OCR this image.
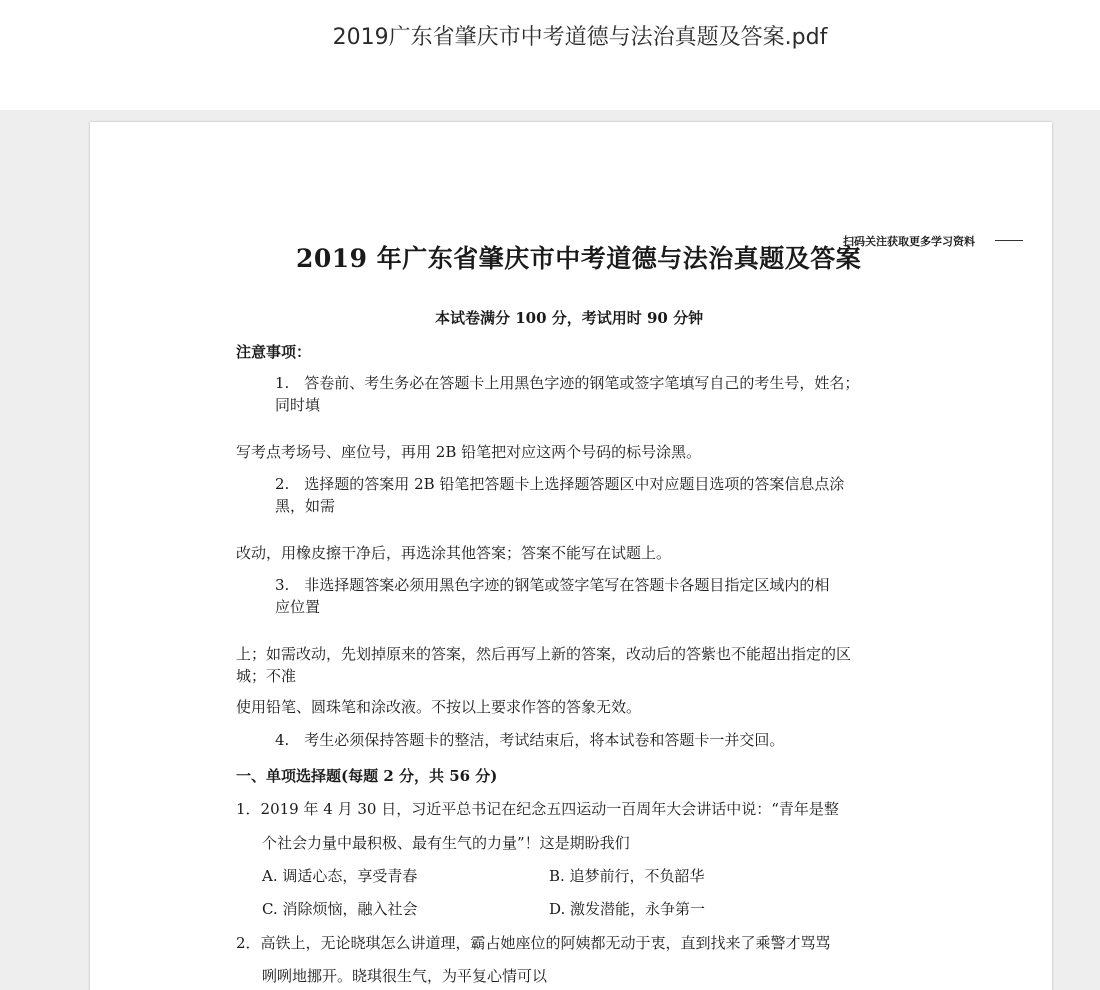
2019广东省肇庆市中考道德与法治真题及答案.pdf
扫码关注获取更多学习资料
2019 年广东省肇庆市中考道德与法治真题及答案
本试卷满分 100 分，考试用时 90 分钟
注意事项：
1.　答卷前、考生务必在答题卡上用黑色字迹的钢笔或签字笔填写自己的考生号，姓名；
同时填
写考点考场号、座位号，再用 2B 铅笔把对应这两个号码的标号涂黑。
2.　选择题的答案用 2B 铅笔把答题卡上选择题答题区中对应题目选项的答案信息点涂
黑，如需
改动，用橡皮擦干净后，再选涂其他答案；答案不能写在试题上。
3.　非选择题答案必须用黑色字迹的钢笔或签字笔写在答题卡各题目指定区域内的相
应位置
上；如需改动，先划掉原来的答案，然后再写上新的答案，改动后的答紫也不能超出指定的区
城；不准
使用铅笔、圆珠笔和涂改液。不按以上要求作答的答象无效。
4.　考生必须保持答题卡的整洁，考试结束后，将本试卷和答题卡一并交回。
一、单项选择题(每题 2 分，共 56 分)
1．2019 年 4 月 30 日，习近平总书记在纪念五四运动一百周年大会讲话中说：“青年是整
个社会力量中最积极、最有生气的力量”！这是期盼我们
A. 调适心态，享受青春	B. 追梦前行，不负韶华
C. 消除烦恼，融入社会	D. 激发潜能，永争第一
2．高铁上，无论晓琪怎么讲道理，霸占她座位的阿姨都无动于衷，直到找来了乘警才骂骂
咧咧地挪开。晓琪很生气，为平复心情可以
